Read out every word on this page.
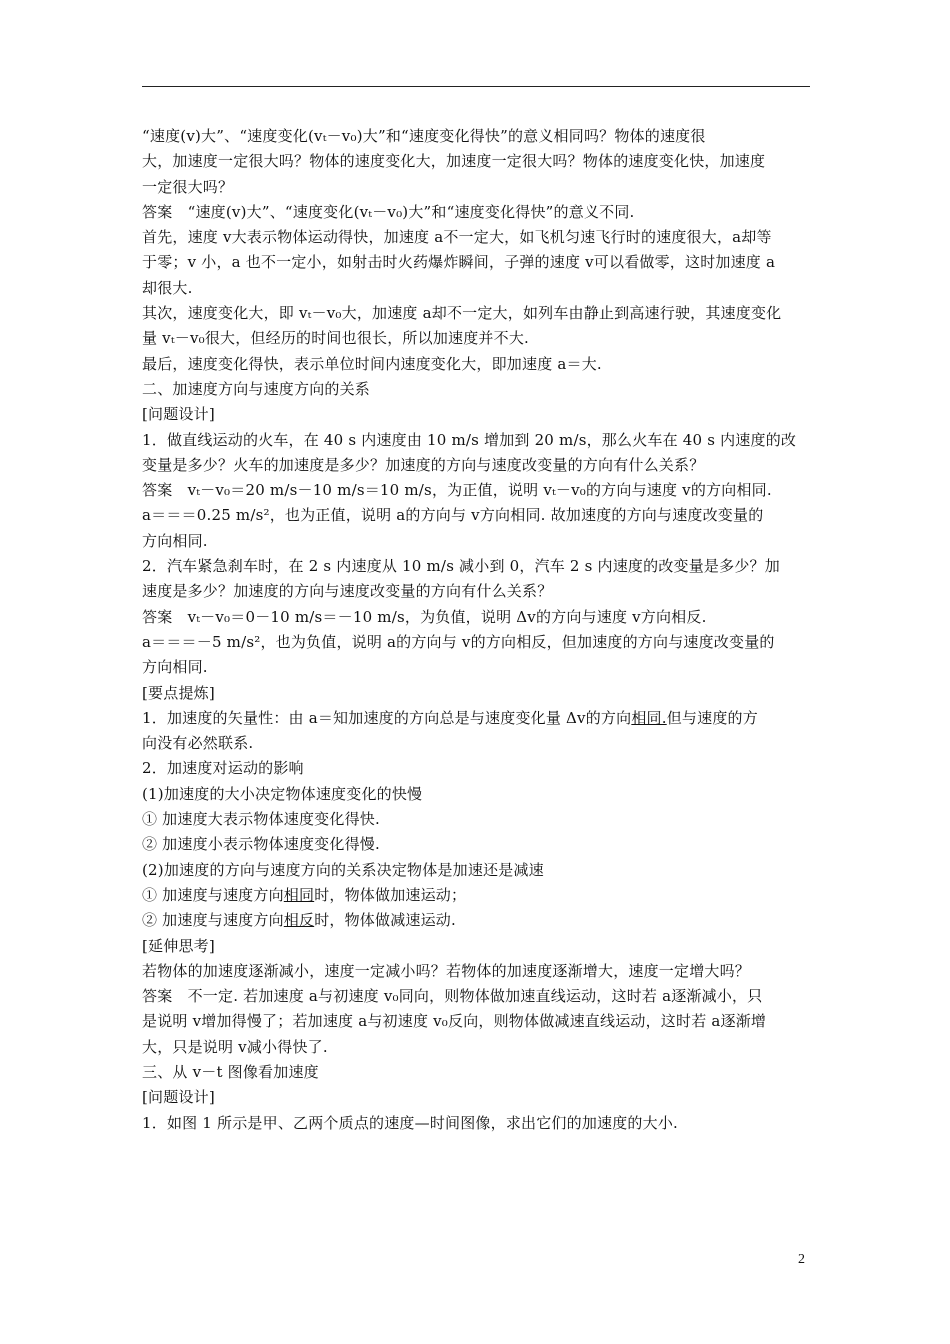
“速度(v)大”、“速度变化(vₜ－v₀)大”和“速度变化得快”的意义相同吗？物体的速度很

大，加速度一定很大吗？物体的速度变化大，加速度一定很大吗？物体的速度变化快，加速度

一定很大吗？

答案　“速度(v)大”、“速度变化(vₜ－v₀)大”和“速度变化得快”的意义不同.

首先，速度 v大表示物体运动得快，加速度 a不一定大，如飞机匀速飞行时的速度很大，a却等

于零；v 小，a 也不一定小，如射击时火药爆炸瞬间，子弹的速度 v可以看做零，这时加速度 a

却很大.

其次，速度变化大，即 vₜ－v₀大，加速度 a却不一定大，如列车由静止到高速行驶，其速度变化

量 vₜ－v₀很大，但经历的时间也很长，所以加速度并不大.

最后，速度变化得快，表示单位时间内速度变化大，即加速度 a＝大.

二、加速度方向与速度方向的关系

[问题设计]

1．做直线运动的火车，在 40 s 内速度由 10 m/s 增加到 20 m/s，那么火车在 40 s 内速度的改

变量是多少？火车的加速度是多少？加速度的方向与速度改变量的方向有什么关系？

答案　vₜ－v₀＝20 m/s－10 m/s＝10 m/s，为正值，说明 vₜ－v₀的方向与速度 v的方向相同.

a＝＝＝0.25 m/s²，也为正值，说明 a的方向与 v方向相同. 故加速度的方向与速度改变量的

方向相同.

2．汽车紧急刹车时，在 2 s 内速度从 10 m/s 减小到 0，汽车 2 s 内速度的改变量是多少？加

速度是多少？加速度的方向与速度改变量的方向有什么关系？

答案　vₜ－v₀＝0－10 m/s＝－10 m/s，为负值，说明 Δv的方向与速度 v方向相反.

a＝＝＝－5 m/s²，也为负值，说明 a的方向与 v的方向相反，但加速度的方向与速度改变量的

方向相同.

[要点提炼]

1．加速度的矢量性：由 a＝知加速度的方向总是与速度变化量 Δv的方向相同.但与速度的方

向没有必然联系.

2．加速度对运动的影响

(1)加速度的大小决定物体速度变化的快慢

① 加速度大表示物体速度变化得快.

② 加速度小表示物体速度变化得慢.

(2)加速度的方向与速度方向的关系决定物体是加速还是减速

① 加速度与速度方向相同时，物体做加速运动；

② 加速度与速度方向相反时，物体做减速运动.

[延伸思考]

若物体的加速度逐渐减小，速度一定减小吗？若物体的加速度逐渐增大，速度一定增大吗？

答案　不一定. 若加速度 a与初速度 v₀同向，则物体做加速直线运动，这时若 a逐渐减小，只

是说明 v增加得慢了；若加速度 a与初速度 v₀反向，则物体做减速直线运动，这时若 a逐渐增

大，只是说明 v减小得快了.

三、从 v－t 图像看加速度

[问题设计]

1．如图 1 所示是甲、乙两个质点的速度—时间图像，求出它们的加速度的大小.

2
